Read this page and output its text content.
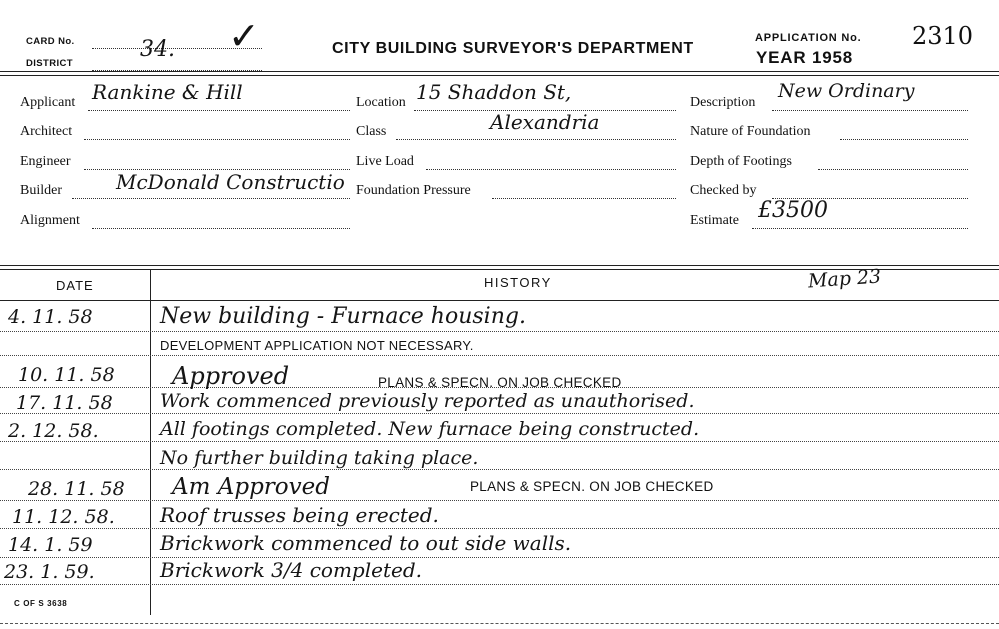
CARD No.	34. ✓
DISTRICT
CITY BUILDING SURVEYOR'S DEPARTMENT
APPLICATION No. 2310
YEAR 1958
Applicant Rankine & Hill
Architect
Engineer
Builder	McDonald Constructio
Alignment
Location 15 Shaddon St,
Class	Alexandria
Live Load
Foundation Pressure
Description
New Ordinary
Nature of Foundation
Depth of Footings
Checked by
Estimate £3500
DATE	HISTORY	Map 23
4. 11. 58	New building - Furnace housing.
DEVELOPMENT APPLICATION NOT NECESSARY.
10. 11. 58 Approved	PLANS & SPECN. ON JOB CHECKED
17. 11. 58 Work commenced previously reported as unauthorised.
2. 12. 58.	All footings completed. New furnace being constructed.
No further building taking place.
28. 11. 58 Am Approved	PLANS & SPECN. ON JOB CHECKED
11. 12. 58. Roof trusses being erected.
14. 1. 59	Brickwork commenced to out side walls.
23. 1. 59.	Brickwork 3/4 completed.
C OF S 3638
